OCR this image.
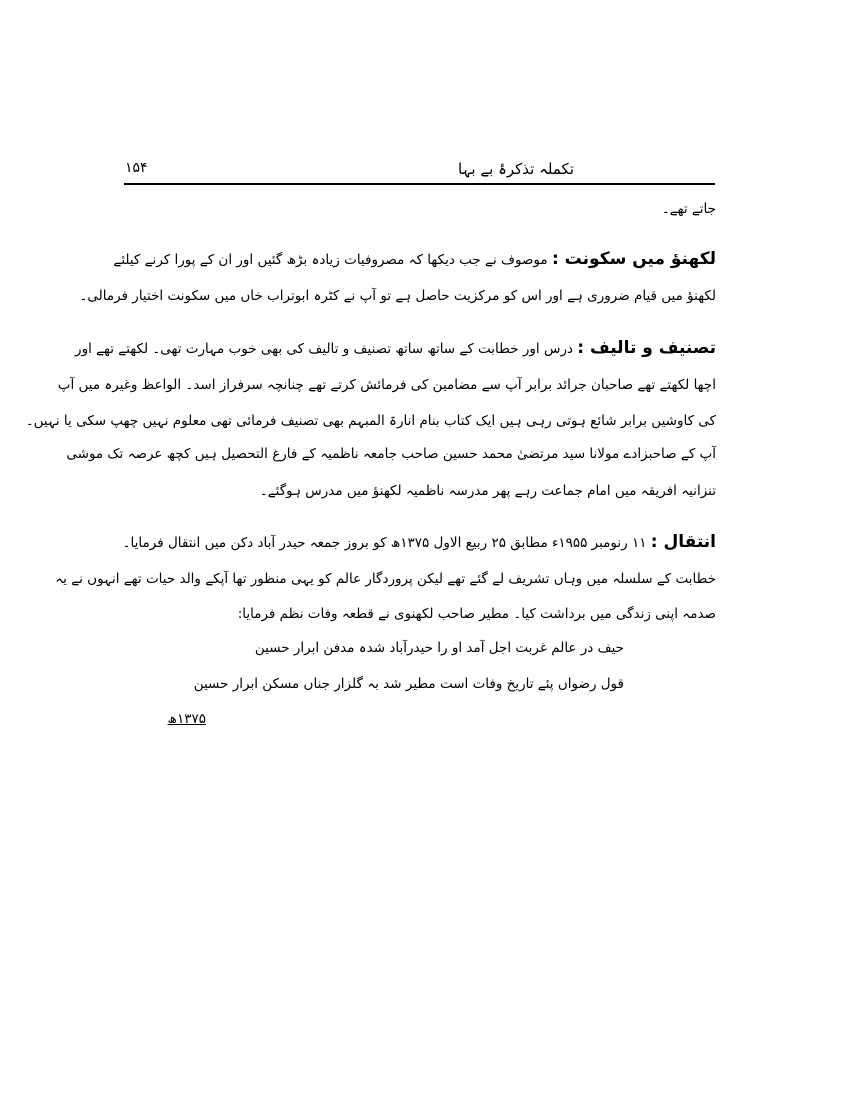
تکملہ تذکرۂ بے بہا
۱۵۴
جاتے تھے۔
لکھنؤ میں سکونت : موصوف نے جب دیکھا کہ مصروفیات زیادہ بڑھ گئیں اور ان کے پورا کرنے کیلئے
لکھنؤ میں قیام ضروری ہے اور اس کو مرکزیت حاصل ہے تو آپ نے کٹرہ ابوتراب خاں میں سکونت اختیار فرمالی۔
تصنیف و تالیف : درس اور خطابت کے ساتھ ساتھ تصنیف و تالیف کی بھی خوب مہارت تھی۔ لکھتے تھے اور
اچھا لکھتے تھے صاحبان جرائد برابر آپ سے مضامین کی فرمائش کرتے تھے چنانچہ سرفراز اسد۔ الواعظ وغیرہ میں آپ
کی کاوشیں برابر شائع ہوتی رہی ہیں ایک کتاب بنام انارۃ المبہم بھی تصنیف فرمائی تھی معلوم نہیں چھپ سکی یا نہیں۔
آپ کے صاحبزادے مولانا سید مرتضیٰ محمد حسین صاحب جامعہ ناظمیہ کے فارغ التحصیل ہیں کچھ عرصہ تک موشی
تنزانیہ افریقہ میں امام جماعت رہے پھر مدرسہ ناظمیہ لکھنؤ میں مدرس ہوگئے۔
انتقال : ۱۱ رنومبر ۱۹۵۵ء مطابق ۲۵ ربیع الاول ۱۳۷۵ھ کو بروز جمعہ حیدر آباد دکن میں انتقال فرمایا۔
خطابت کے سلسلہ میں وہاں تشریف لے گئے تھے لیکن پروردگار عالم کو یہی منظور تھا آپکے والد حیات تھے انہوں نے یہ
صدمہ اپنی زندگی میں برداشت کیا۔ مطیر صاحب لکھنوی نے قطعہ وفات نظم فرمایا:
حیف در عالم غربت اجل آمد او را حیدرآباد شدہ مدفن ابرار حسین
قول رضواں پئے تاریخ وفات است مطیر شد بہ گلزار جناں مسکن ابرار حسین
۱۳۷۵ھ
